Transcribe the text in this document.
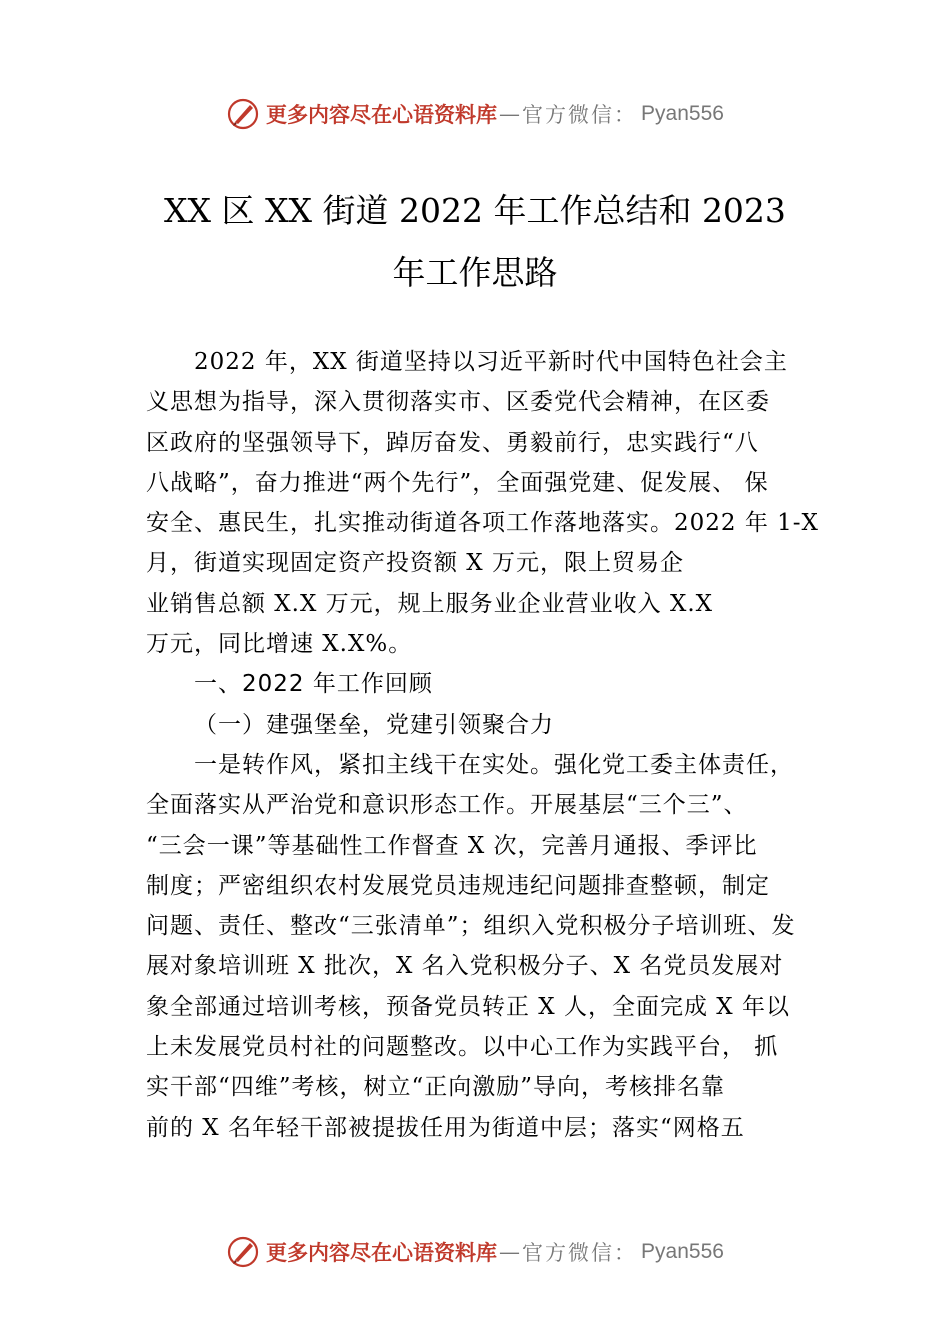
更多内容尽在心语资料库 — 官方微信： Pyan556
XX 区 XX 街道 2022 年工作总结和 2023
年工作思路

2022 年，XX 街道坚持以习近平新时代中国特色社会主

义思想为指导，深入贯彻落实市、区委党代会精神，在区委

区政府的坚强领导下，踔厉奋发、勇毅前行，忠实践行“八

八战略”，奋力推进“两个先行”，全面强党建、促发展、 保

安全、惠民生，扎实推动街道各项工作落地落实。2022 年 1-X

月，街道实现固定资产投资额 X 万元，限上贸易企

业销售总额 X.X 万元，规上服务业企业营业收入 X.X

万元，同比增速 X.X%。

一、2022 年工作回顾

（一）建强堡垒，党建引领聚合力

一是转作风，紧扣主线干在实处。强化党工委主体责任，

全面落实从严治党和意识形态工作。开展基层“三个三”、

“三会一课”等基础性工作督查 X 次，完善月通报、季评比

制度；严密组织农村发展党员违规违纪问题排查整顿，制定

问题、责任、整改“三张清单”；组织入党积极分子培训班、发

展对象培训班 X 批次，X 名入党积极分子、X 名党员发展对

象全部通过培训考核，预备党员转正 X 人，全面完成 X 年以

上未发展党员村社的问题整改。以中心工作为实践平台， 抓

实干部“四维”考核，树立“正向激励”导向，考核排名靠

前的 X 名年轻干部被提拔任用为街道中层；落实“网格五

更多内容尽在心语资料库 — 官方微信： Pyan556
